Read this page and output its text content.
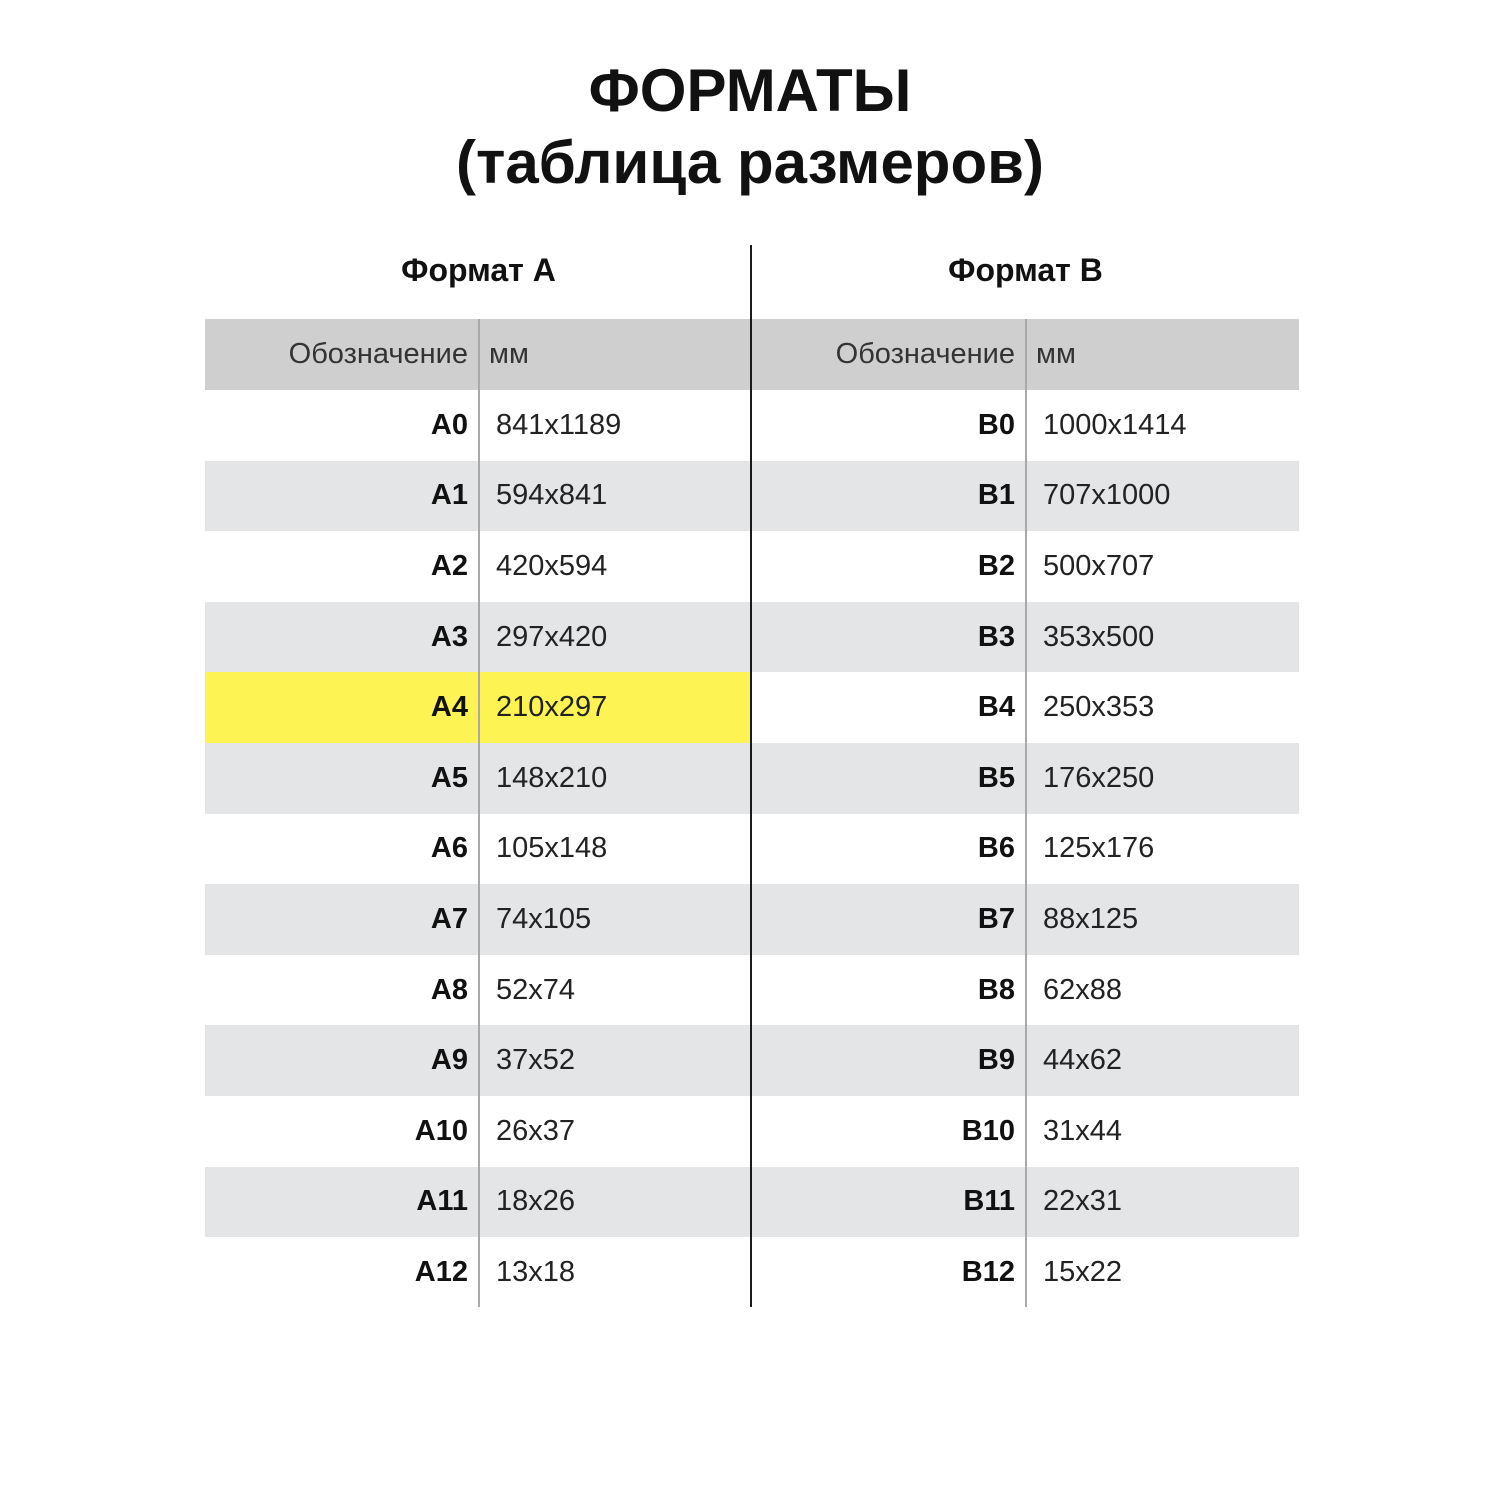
ФОРМАТЫ
(таблица размеров)
Формат А
Обозначение мм
А0 841x1189
А1 594x841
А2 420x594
А3 297x420
А4 210x297
А5 148x210
А6 105x148
А7 74x105
А8 52x74
А9 37x52
А10 26x37
А11 18x26
А12 13x18
Формат В
Обозначение мм
В0 1000x1414
В1 707x1000
В2 500x707
В3 353x500
В4 250x353
В5 176x250
В6 125x176
В7 88x125
В8 62x88
В9 44x62
В10 31x44
В11 22x31
В12 15x22
